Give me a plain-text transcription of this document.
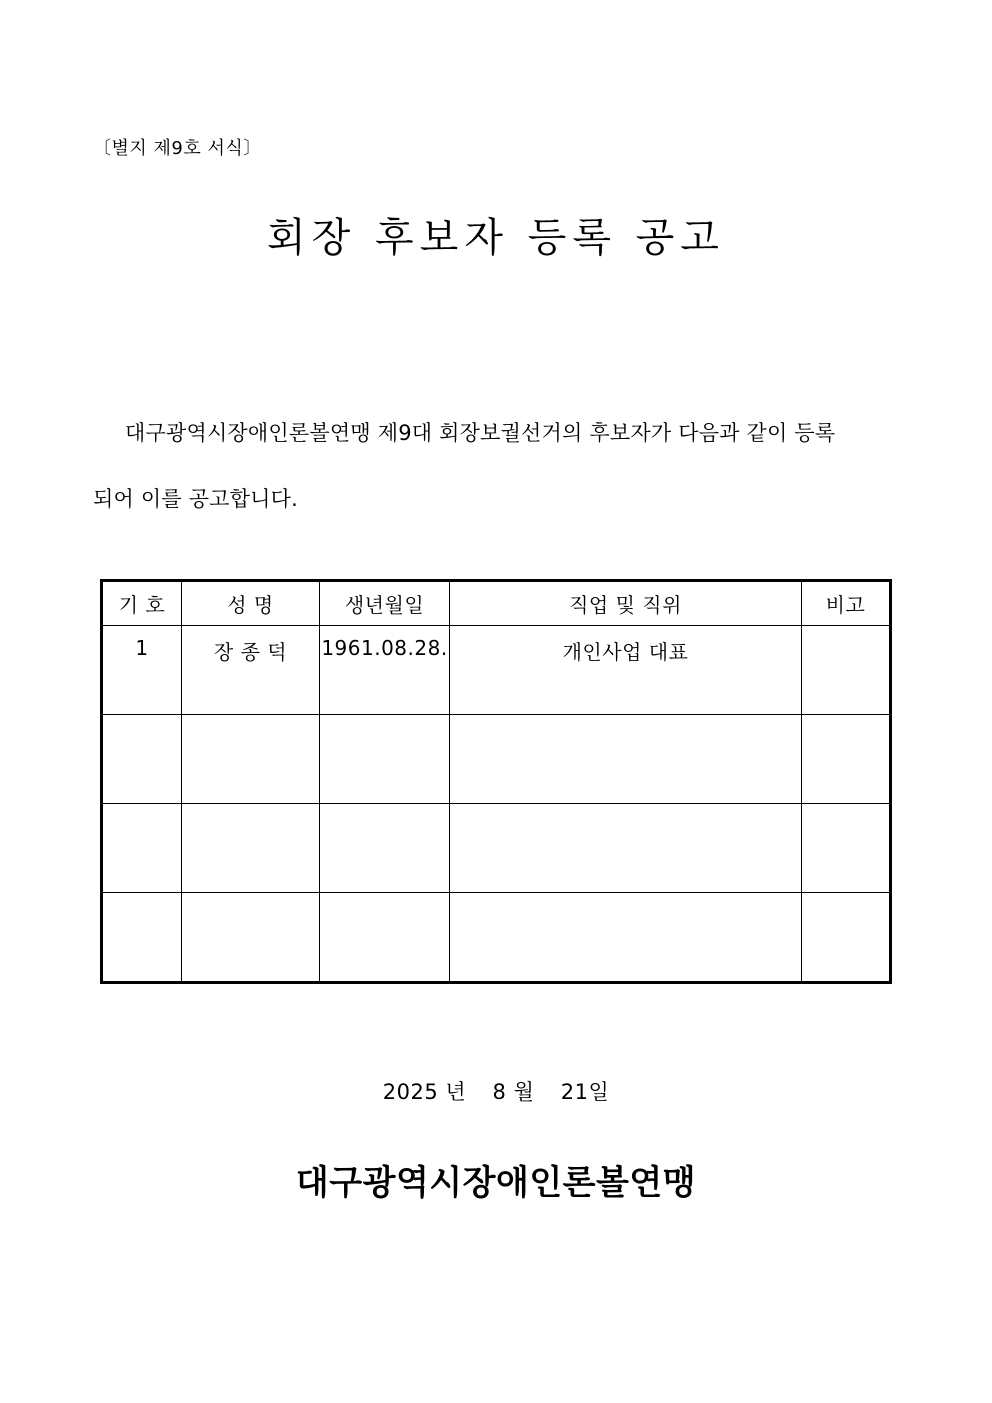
〔별지 제9호 서식〕
회장 후보자 등록 공고
대구광역시장애인론볼연맹 제9대 회장보궐선거의 후보자가 다음과 같이 등록
되어 이를 공고합니다.
기 호	성 명	생년월일	직업 및 직위	비고
1	장 종 덕	1961.08.28.	개인사업 대표	

2025 년 8 월 21일
대구광역시장애인론볼연맹
